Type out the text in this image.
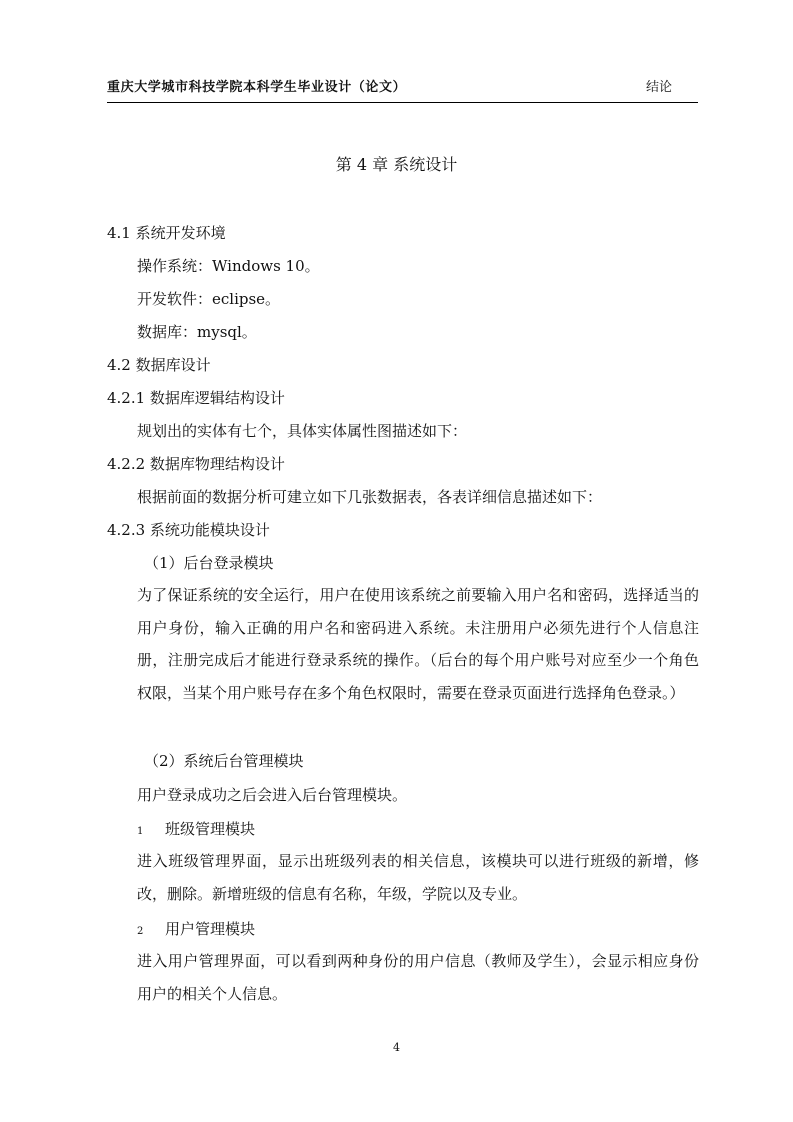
重庆大学城市科技学院本科学生毕业设计（论文）	结论
第 4 章 系统设计
4.1 系统开发环境
操作系统：Windows 10。
开发软件：eclipse。
数据库：mysql。
4.2 数据库设计
4.2.1 数据库逻辑结构设计
规划出的实体有七个，具体实体属性图描述如下：
4.2.2 数据库物理结构设计
根据前面的数据分析可建立如下几张数据表，各表详细信息描述如下：
4.2.3 系统功能模块设计
（1）后台登录模块
为了保证系统的安全运行，用户在使用该系统之前要输入用户名和密码，选择适当的用户身份，输入正确的用户名和密码进入系统。未注册用户必须先进行个人信息注册，注册完成后才能进行登录系统的操作。（后台的每个用户账号对应至少一个角色权限，当某个用户账号存在多个角色权限时，需要在登录页面进行选择角色登录。）
（2）系统后台管理模块
用户登录成功之后会进入后台管理模块。
1 班级管理模块
进入班级管理界面，显示出班级列表的相关信息，该模块可以进行班级的新增，修改，删除。新增班级的信息有名称，年级，学院以及专业。
2 用户管理模块
进入用户管理界面，可以看到两种身份的用户信息（教师及学生），会显示相应身份用户的相关个人信息。
4
